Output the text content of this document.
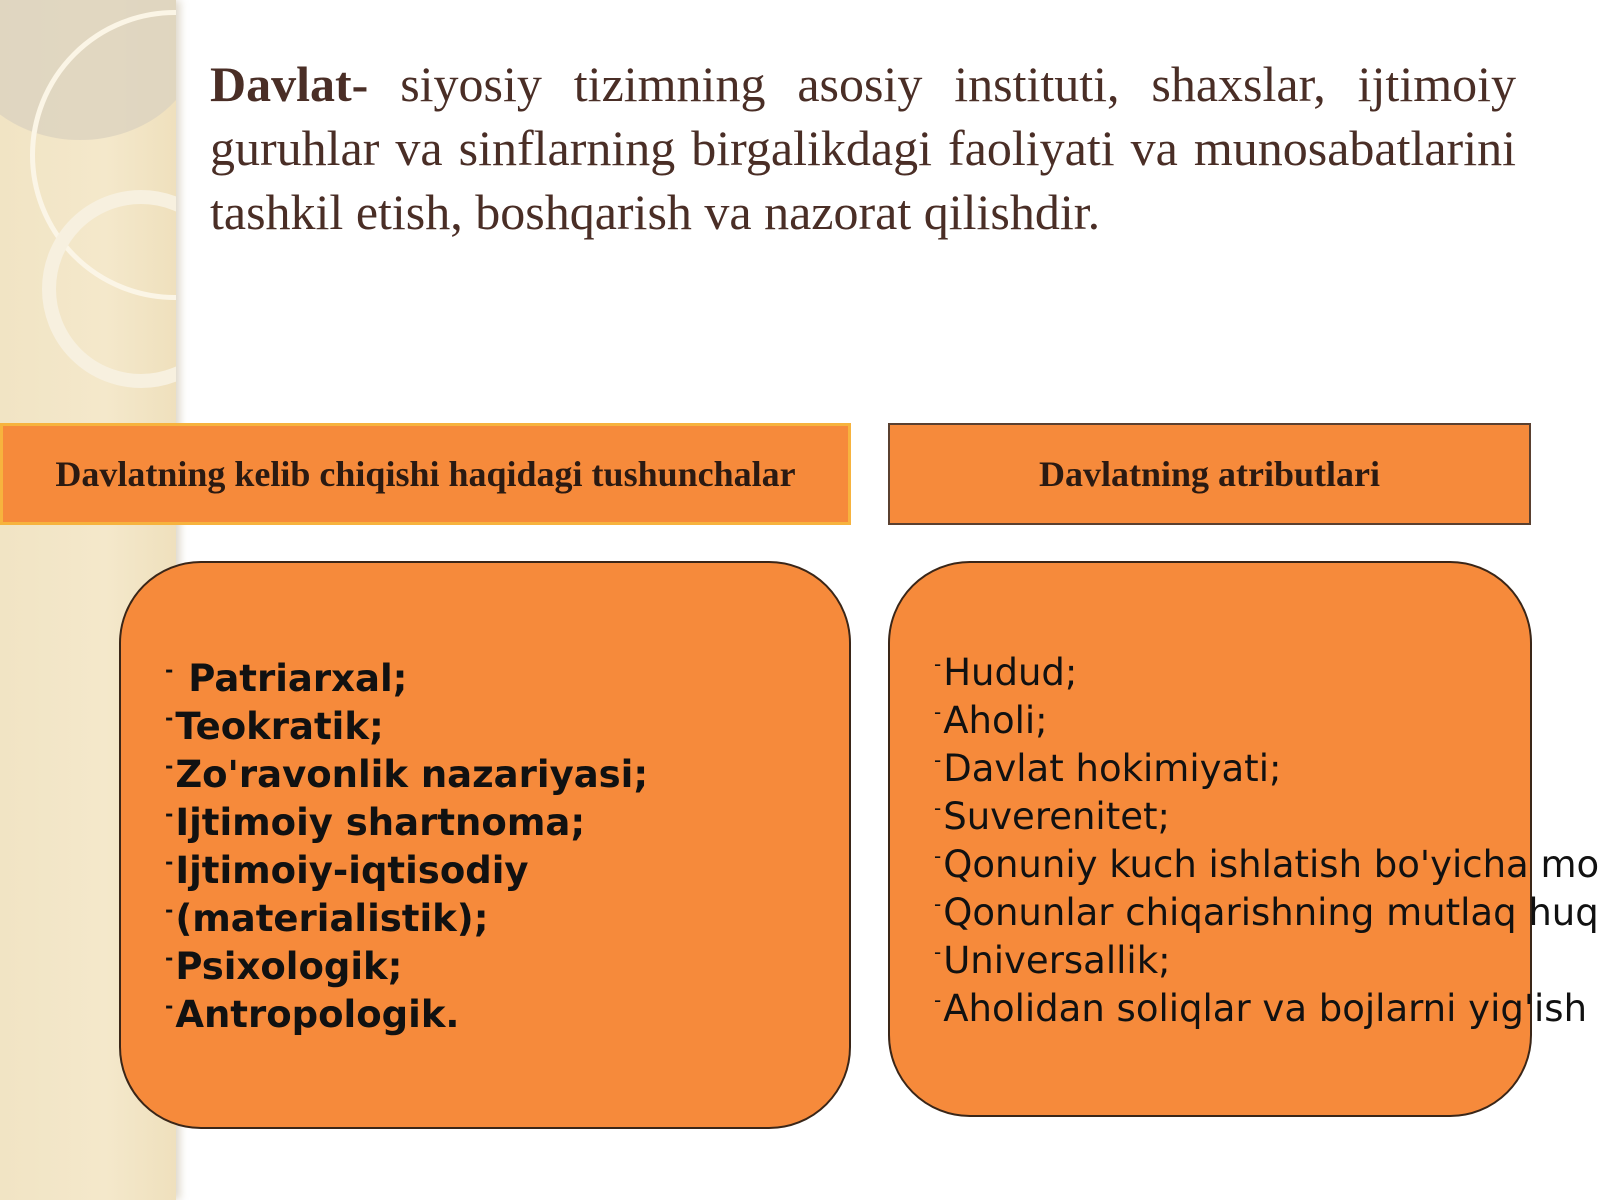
Davlat- siyosiy tizimning asosiy instituti, shaxslar, ijtimoiy guruhlar va sinflarning birgalikdagi faoliyati va munosabatlarini tashkil etish, boshqarish va nazorat qilishdir.

Davlatning kelib chiqishi haqidagi tushunchalar	Davlatning atributlari
- Patriarxal;
-Teokratik;
-Zo'ravonlik nazariyasi;
-Ijtimoiy shartnoma;
-Ijtimoiy-iqtisodiy
-(materialistik);
-Psixologik;
-Antropologik.
-Hudud;
-Aholi;
-Davlat hokimiyati;
-Suverenitet;
-Qonuniy kuch ishlatish bo'yicha mo
-Qonunlar chiqarishning mutlaq huq
-Universallik;
-Aholidan soliqlar va bojlarni yig'ish
